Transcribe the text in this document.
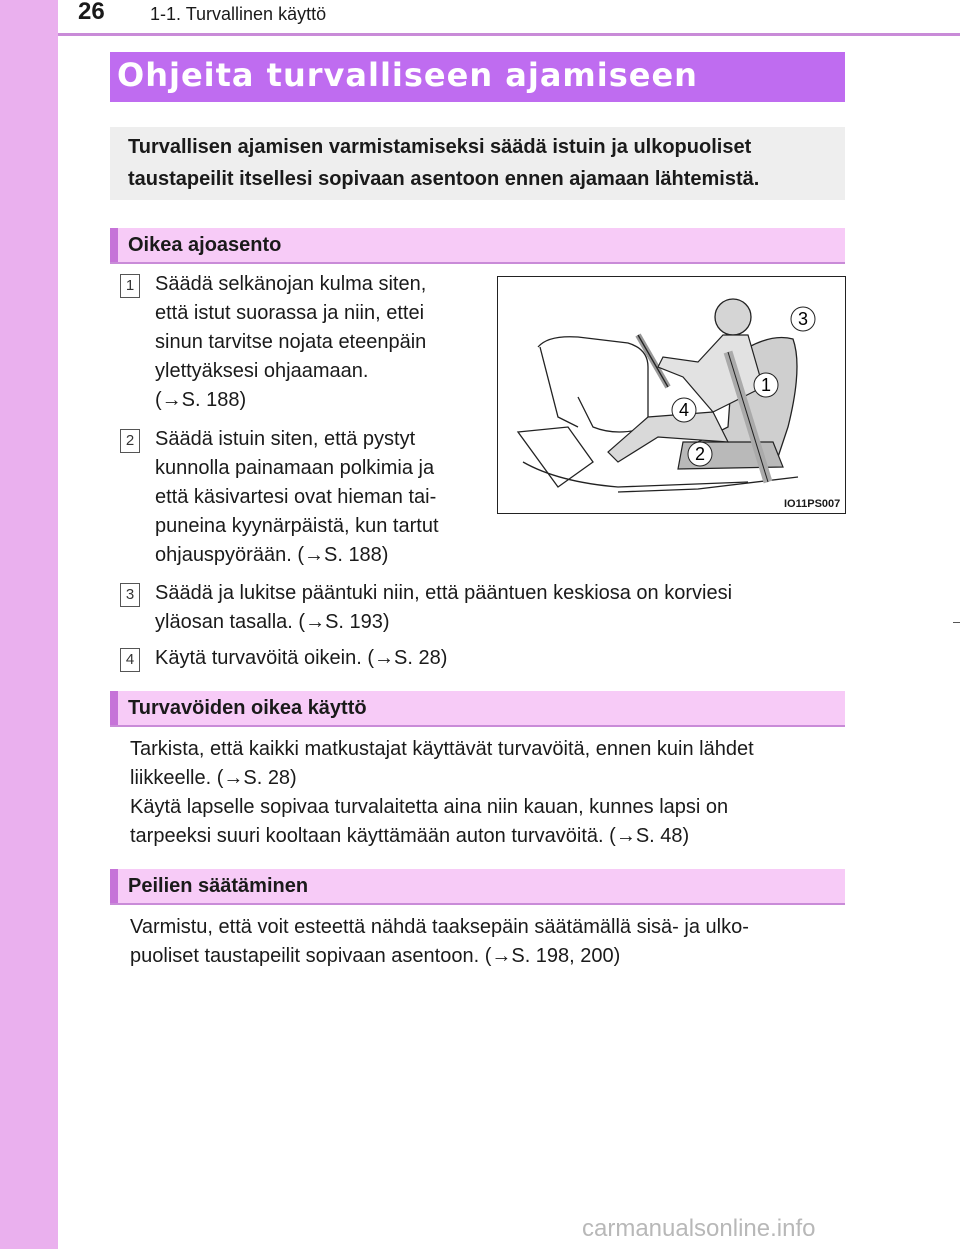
26	1-1. Turvallinen käyttö
Ohjeita turvalliseen ajamiseen
Turvallisen ajamisen varmistamiseksi säädä istuin ja ulkopuoliset taustapeilit itsellesi sopivaan asentoon ennen ajamaan lähtemistä.
Oikea ajoasento
1 Säädä selkänojan kulma siten,
että istut suorassa ja niin, ettei
sinun tarvitse nojata eteenpäin
ylettyäksesi ohjaamaan.
(→S. 188)
2 Säädä istuin siten, että pystyt
kunnolla painamaan polkimia ja
että käsivartesi ovat hieman tai-
puneina kyynärpäistä, kun tartut
ohjauspyörään. (→S. 188)
3 Säädä ja lukitse pääntuki niin, että pääntuen keskiosa on korviesi
yläosan tasalla. (→S. 193)
4 Käytä turvavöitä oikein. (→S. 28)
3
1
4
2
IO11PS007
Turvavöiden oikea käyttö
Tarkista, että kaikki matkustajat käyttävät turvavöitä, ennen kuin lähdet
liikkeelle. (→S. 28)
Käytä lapselle sopivaa turvalaitetta aina niin kauan, kunnes lapsi on
tarpeeksi suuri kooltaan käyttämään auton turvavöitä. (→S. 48)
Peilien säätäminen
Varmistu, että voit esteettä nähdä taaksepäin säätämällä sisä- ja ulko-
puoliset taustapeilit sopivaan asentoon. (→S. 198, 200)
carmanualsonline.info
